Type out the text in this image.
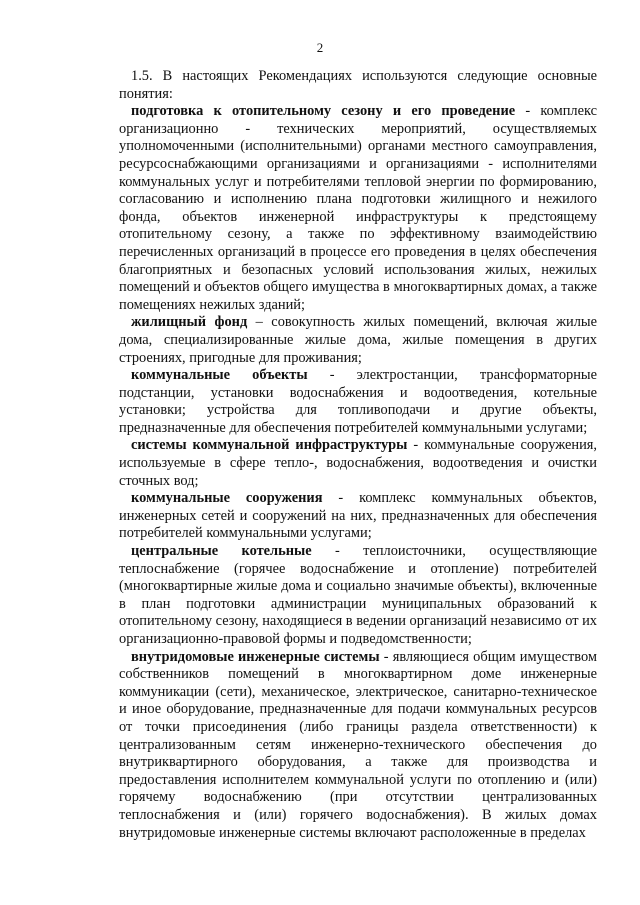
2

1.5. В настоящих Рекомендациях используются следующие основные понятия:

подготовка к отопительному сезону и его проведение - комплекс организационно - технических мероприятий, осуществляемых уполномоченными (исполнительными) органами местного самоуправления, ресурсоснабжающими организациями и организациями - исполнителями коммунальных услуг и потребителями тепловой энергии по формированию, согласованию и исполнению плана подготовки жилищного и нежилого фонда, объектов инженерной инфраструктуры к предстоящему отопительному сезону, а также по эффективному взаимодействию перечисленных организаций в процессе его проведения в целях обеспечения благоприятных и безопасных условий использования жилых, нежилых помещений и объектов общего имущества в многоквартирных домах, а также помещениях нежилых зданий;

жилищный фонд – совокупность жилых помещений, включая жилые дома, специализированные жилые дома, жилые помещения в других строениях, пригодные для проживания;

коммунальные объекты - электростанции, трансформаторные подстанции, установки водоснабжения и водоотведения, котельные установки; устройства для топливоподачи и другие объекты, предназначенные для обеспечения потребителей коммунальными услугами;

системы коммунальной инфраструктуры - коммунальные сооружения, используемые в сфере тепло-, водоснабжения, водоотведения и очистки сточных вод;

коммунальные сооружения - комплекс коммунальных объектов, инженерных сетей и сооружений на них, предназначенных для обеспечения потребителей коммунальными услугами;

центральные котельные - теплоисточники, осуществляющие теплоснабжение (горячее водоснабжение и отопление) потребителей (многоквартирные жилые дома и социально значимые объекты), включенные в план подготовки администрации муниципальных образований к отопительному сезону, находящиеся в ведении организаций независимо от их организационно-правовой формы и подведомственности;

внутридомовые инженерные системы - являющиеся общим имуществом собственников помещений в многоквартирном доме инженерные коммуникации (сети), механическое, электрическое, санитарно-техническое и иное оборудование, предназначенные для подачи коммунальных ресурсов от точки присоединения (либо границы раздела ответственности) к централизованным сетям инженерно-технического обеспечения до внутриквартирного оборудования, а также для производства и предоставления исполнителем коммунальной услуги по отоплению и (или) горячему водоснабжению (при отсутствии централизованных теплоснабжения и (или) горячего водоснабжения). В жилых домах внутридомовые инженерные системы включают расположенные в пределах
